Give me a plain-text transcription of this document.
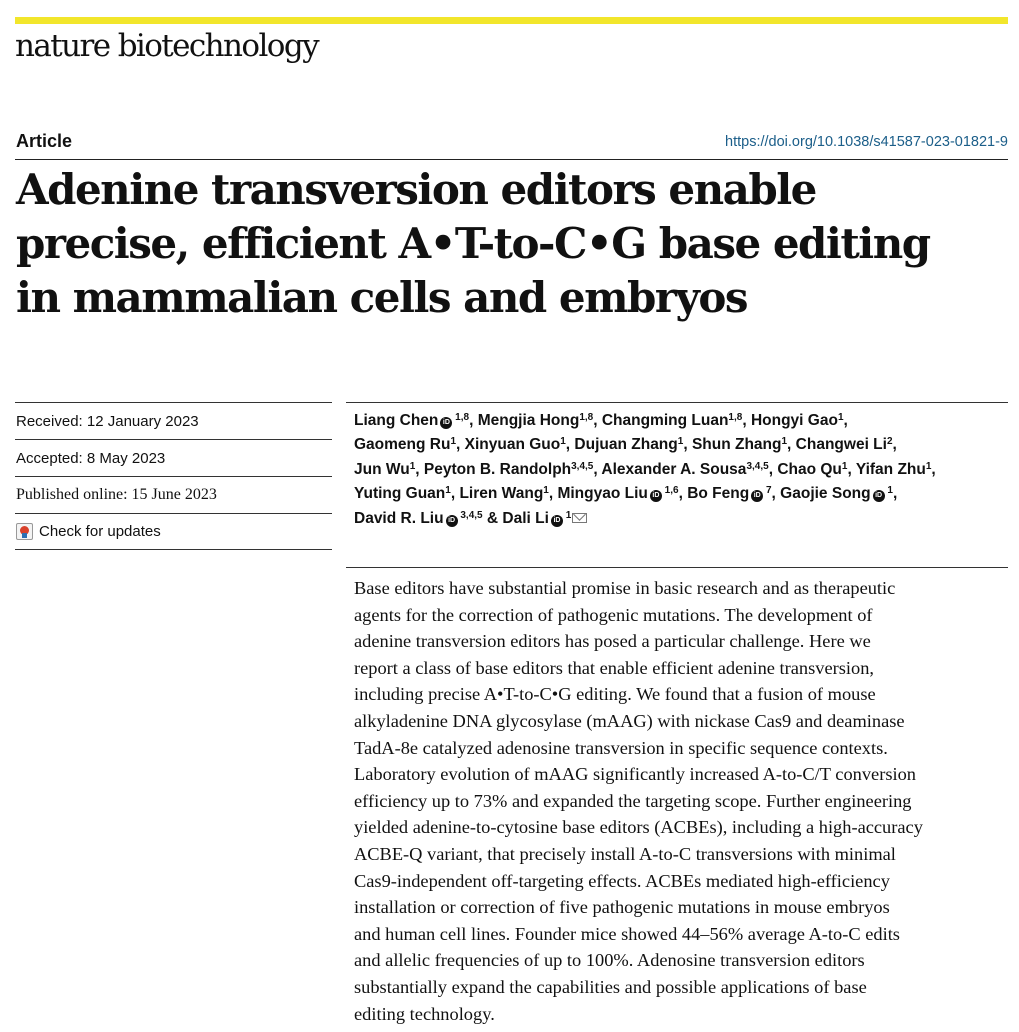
nature biotechnology
Article	https://doi.org/10.1038/s41587-023-01821-9
Adenine transversion editors enable
precise, efficient A•T-to-C•G base editing
in mammalian cells and embryos
Received: 12 January 2023
Accepted: 8 May 2023
Published online: 15 June 2023
Check for updates
Liang Chen iD $^{1,8}$, Mengjia Hong$^{1,8}$, Changming Luan$^{1,8}$, Hongyi Gao$^1$,
Gaomeng Ru$^1$, Xinyuan Guo$^1$, Dujuan Zhang$^1$, Shun Zhang$^1$, Changwei Li$^2$,
Jun Wu$^1$, Peyton B. Randolph$^{3,4,5}$, Alexander A. Sousa$^{3,4,5}$, Chao Qu$^1$, Yifan Zhu$^1$,
Yuting Guan$^1$, Liren Wang$^1$, Mingyao Liu iD $^{1,6}$, Bo Feng iD $^7$, Gaojie Song iD $^1$,
David R. Liu iD $^{3,4,5}$ & Dali Li iD $^1$
Base editors have substantial promise in basic research and as therapeutic
agents for the correction of pathogenic mutations. The development of
adenine transversion editors has posed a particular challenge. Here we
report a class of base editors that enable efficient adenine transversion,
including precise A•T-to-C•G editing. We found that a fusion of mouse
alkyladenine DNA glycosylase (mAAG) with nickase Cas9 and deaminase
TadA-8e catalyzed adenosine transversion in specific sequence contexts.
Laboratory evolution of mAAG significantly increased A-to-C/T conversion
efficiency up to 73% and expanded the targeting scope. Further engineering
yielded adenine-to-cytosine base editors (ACBEs), including a high-accuracy
ACBE-Q variant, that precisely install A-to-C transversions with minimal
Cas9-independent off-targeting effects. ACBEs mediated high-efficiency
installation or correction of five pathogenic mutations in mouse embryos
and human cell lines. Founder mice showed 44–56% average A-to-C edits
and allelic frequencies of up to 100%. Adenosine transversion editors
substantially expand the capabilities and possible applications of base
editing technology.
